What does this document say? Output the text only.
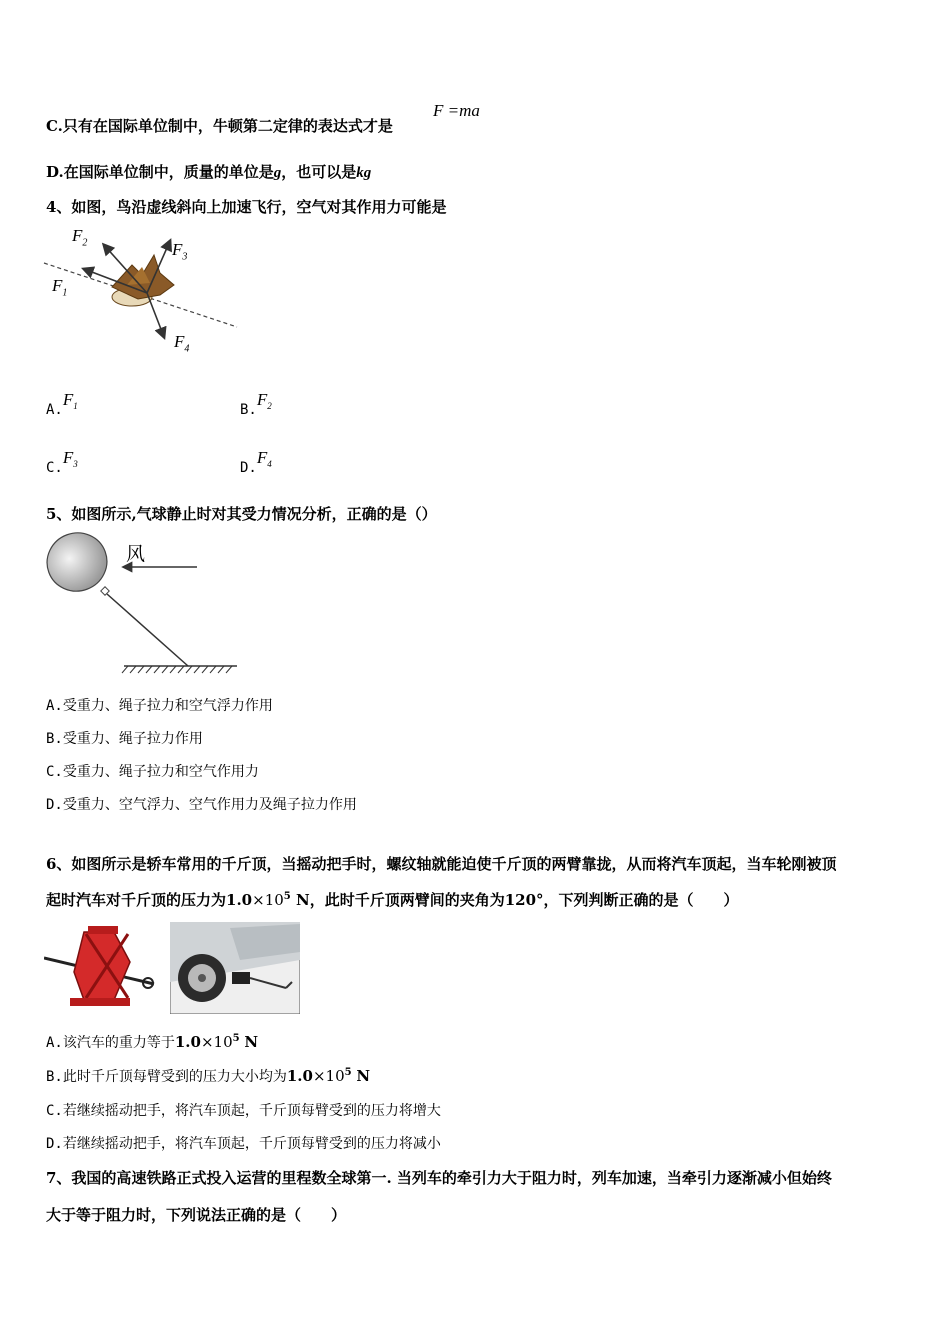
C.只有在国际单位制中，牛顿第二定律的表达式才是
F =ma
D.在国际单位制中，质量的单位是g，也可以是kg
4、如图，鸟沿虚线斜向上加速飞行，空气对其作用力可能是
$F_1$
$F_2$	$F_3$
$F_4$
$A.F_1$	$B.F_2$
$C.F_3$	$D.F_4$
5、如图所示,气球静止时对其受力情况分析，正确的是（）
风
A.受重力、绳子拉力和空气浮力作用
B.受重力、绳子拉力作用
C.受重力、绳子拉力和空气作用力
D.受重力、空气浮力、空气作用力及绳子拉力作用
6、如图所示是轿车常用的千斤顶，当摇动把手时，螺纹轴就能迫使千斤顶的两臂靠拢，从而将汽车顶起，当车轮刚被顶
起时汽车对千斤顶的压力为$1.0\times 10^5$ N，此时千斤顶两臂间的夹角为120°，下列判断正确的是（　　）
A.该汽车的重力等于$1.0\times 10^5$ N
B.此时千斤顶每臂受到的压力大小均为$1.0\times 10^5$ N
C.若继续摇动把手，将汽车顶起，千斤顶每臂受到的压力将增大
D.若继续摇动把手，将汽车顶起，千斤顶每臂受到的压力将减小
7、我国的高速铁路正式投入运营的里程数全球第一. 当列车的牵引力大于阻力时，列车加速，当牵引力逐渐减小但始终
大于等于阻力时，下列说法正确的是（　　）
